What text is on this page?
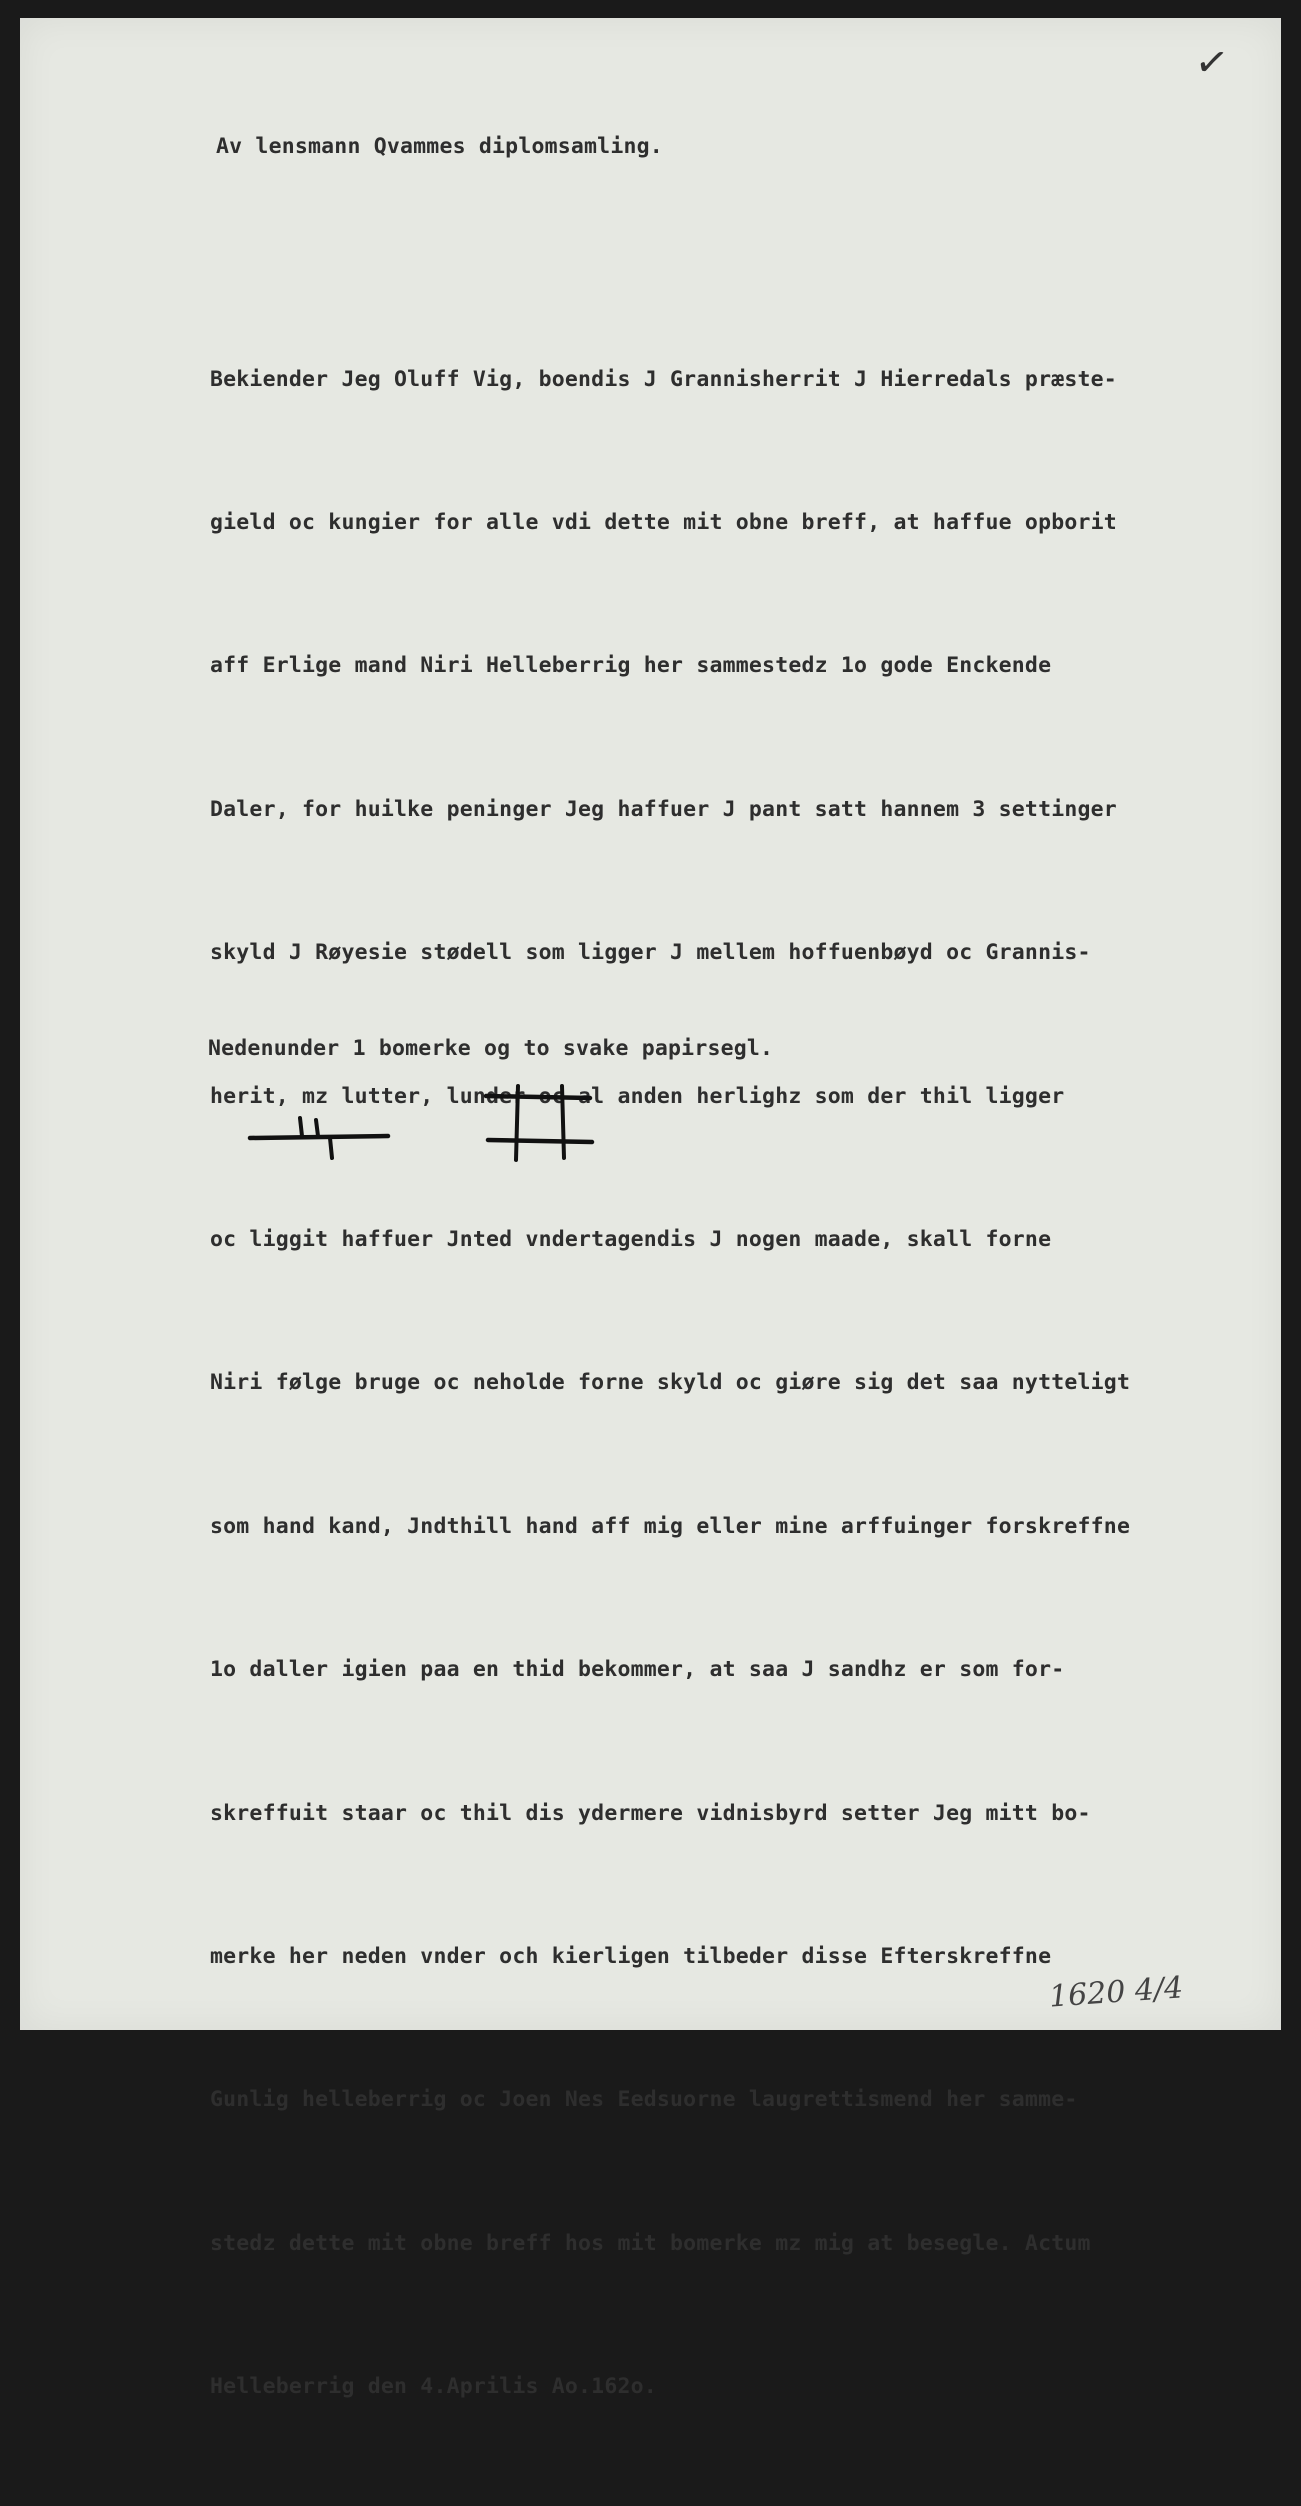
✓
Av lensmann Qvammes diplomsamling.

Bekiender Jeg Oluff Vig, boendis J Grannisherrit J Hierredals præste-

gield oc kungier for alle vdi dette mit obne breff, at haffue opborit

aff Erlige mand Niri Helleberrig her sammestedz 1o gode Enckende

Daler, for huilke peninger Jeg haffuer J pant satt hannem 3 settinger

skyld J Røyesie stødell som ligger J mellem hoffuenbøyd oc Grannis-

herit, mz lutter, lunder oc al anden herlighz som der thil ligger

oc liggit haffuer Jnted vndertagendis J nogen maade, skall forne

Niri følge bruge oc neholde forne skyld oc giøre sig det saa nytteligt

som hand kand, Jndthill hand aff mig eller mine arffuinger forskreffne

1o daller igien paa en thid bekommer, at saa J sandhz er som for-

skreffuit staar oc thil dis ydermere vidnisbyrd setter Jeg mitt bo-

merke her neden vnder och kierligen tilbeder disse Efterskreffne

Gunlig helleberrig oc Joen Nes Eedsuorne laugrettismend her samme-

stedz dette mit obne breff hos mit bomerke mz mig at besegle. Actum

Helleberrig den 4.Aprilis Ao.162o.

Nedenunder 1 bomerke og to svake papirsegl.
1620 4/4
